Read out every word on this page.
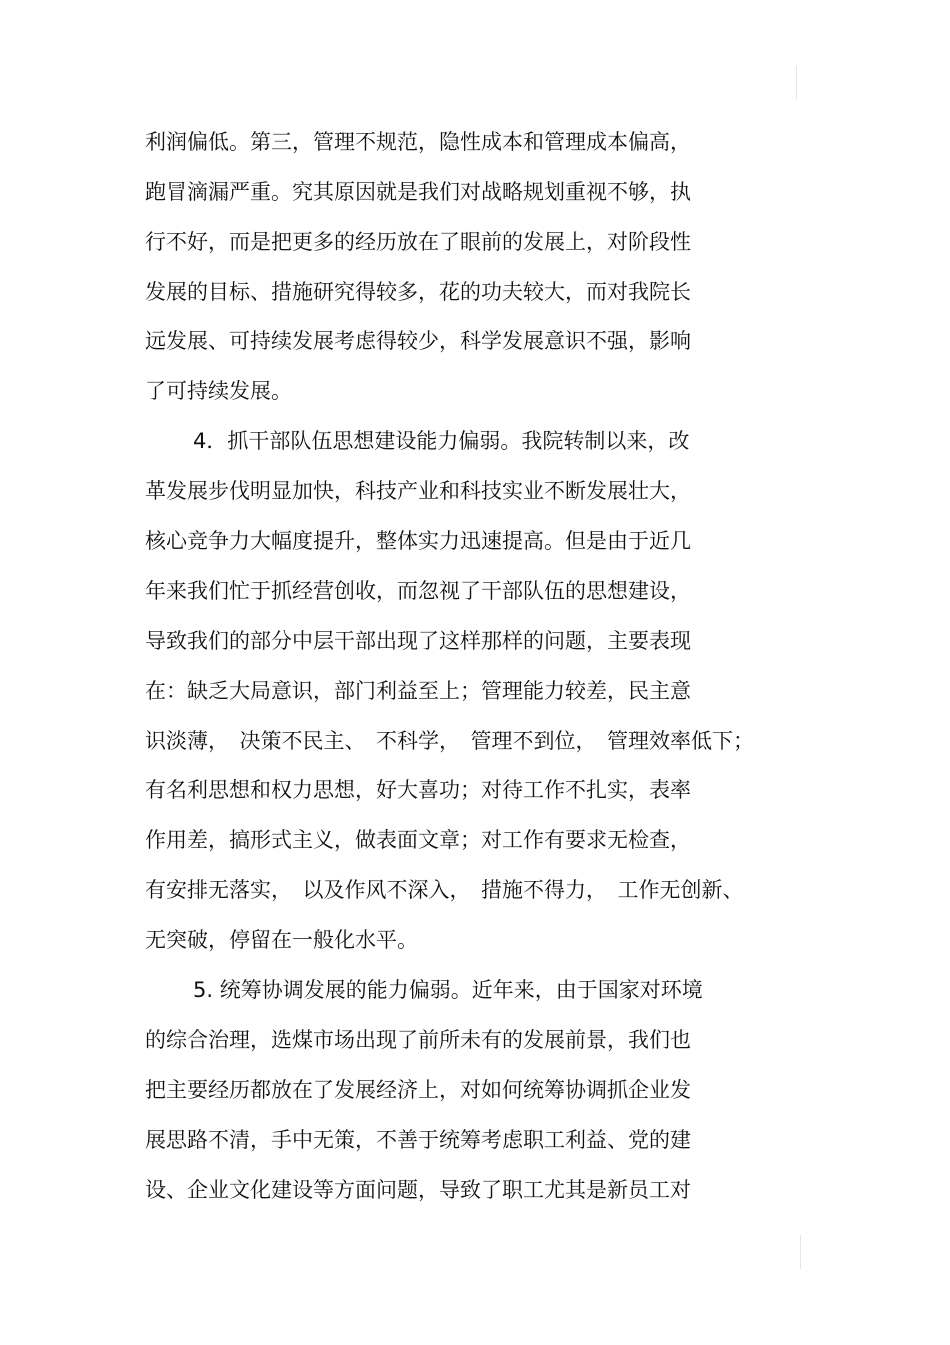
利润偏低。第三，管理不规范，隐性成本和管理成本偏高，
跑冒滴漏严重。究其原因就是我们对战略规划重视不够，执
行不好，而是把更多的经历放在了眼前的发展上，对阶段性
发展的目标、措施研究得较多，花的功夫较大，而对我院长
远发展、可持续发展考虑得较少，科学发展意识不强，影响
了可持续发展。
4．抓干部队伍思想建设能力偏弱。我院转制以来，改
革发展步伐明显加快，科技产业和科技实业不断发展壮大，
核心竞争力大幅度提升，整体实力迅速提高。但是由于近几
年来我们忙于抓经营创收，而忽视了干部队伍的思想建设，
导致我们的部分中层干部出现了这样那样的问题，主要表现
在：缺乏大局意识，部门利益至上；管理能力较差，民主意
识淡薄，　决策不民主、　不科学，　管理不到位，　管理效率低下；
有名利思想和权力思想，好大喜功；对待工作不扎实，表率
作用差，搞形式主义，做表面文章；对工作有要求无检查，
有安排无落实，　以及作风不深入，　措施不得力，　工作无创新、
无突破，停留在一般化水平。
5. 统筹协调发展的能力偏弱。近年来，由于国家对环境
的综合治理，选煤市场出现了前所未有的发展前景，我们也
把主要经历都放在了发展经济上，对如何统筹协调抓企业发
展思路不清，手中无策，不善于统筹考虑职工利益、党的建
设、企业文化建设等方面问题，导致了职工尤其是新员工对
